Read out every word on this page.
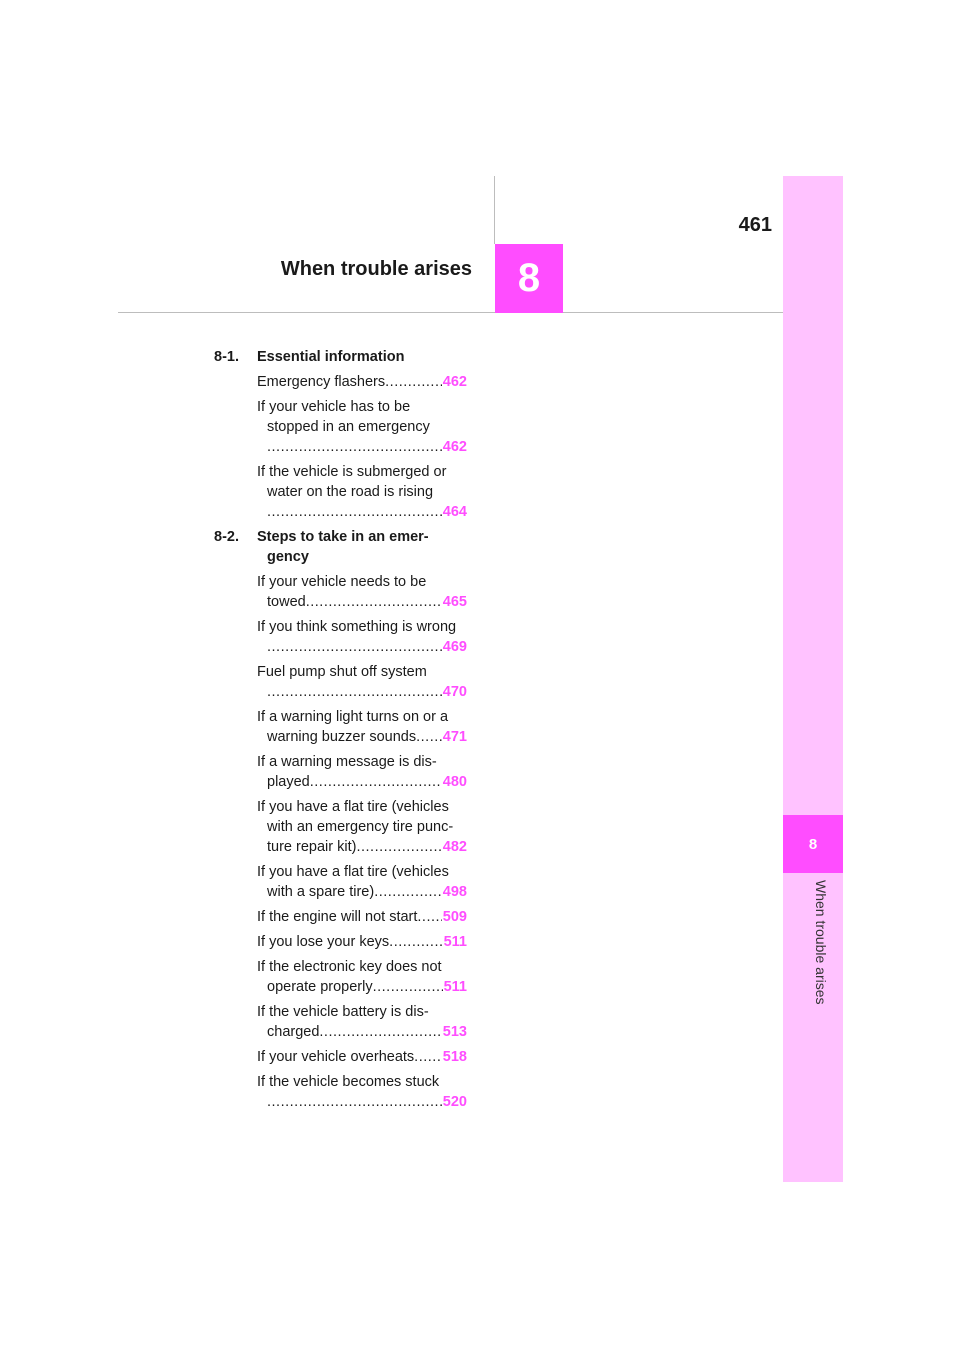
8
When trouble arises
8
461
When trouble arises
8-1. Essential information
Emergency flashers .....	462
If your vehicle has to be
stopped in an emergency
.....
462
If the vehicle is submerged or
water on the road is rising
.....
464
8-2. Steps to take in an emer-
gency
If your vehicle needs to be
towed .....	465
If you think something is wrong
.....
469
Fuel pump shut off system
.....
470
If a warning light turns on or a
warning buzzer sounds ..... 471
If a warning message is dis-
played .....	480
If you have a flat tire (vehicles
with an emergency tire punc-
ture repair kit) .....	482
If you have a flat tire (vehicles
with a spare tire) .....	498
If the engine will not start ..... 509
If you lose your keys .....	511
If the electronic key does not
operate properly .....	511
If the vehicle battery is dis-
charged .....	513
If your vehicle overheats ..... 518
If the vehicle becomes stuck
.....
520
